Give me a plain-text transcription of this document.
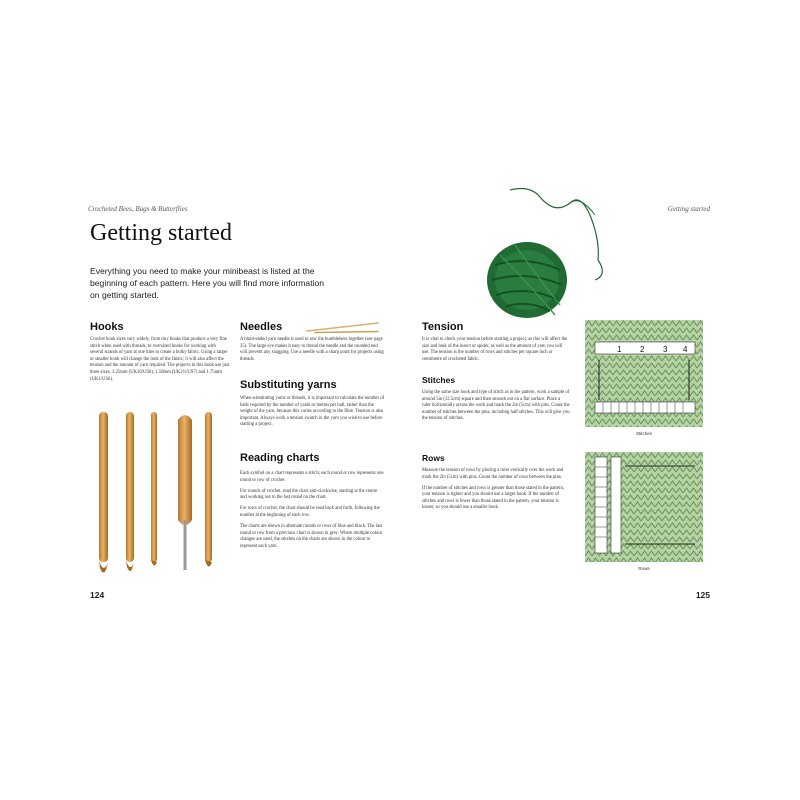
Crocheted Bees, Bugs & Butterflies
Getting started
Everything you need to make your minibeast is listed at the beginning of each pattern. Here you will find more information on getting started.
Hooks
Crochet hook sizes vary widely, from tiny hooks that produce a very fine stitch when used with threads, to oversized hooks for working with several strands of yarn at one time to create a bulky fabric. Using a larger or smaller hook will change the look of the fabric; it will also affect the tension and the amount of yarn required. The projects in this book use just three sizes, 3.25mm (UK10/US0), 1.50mm (UK2½/US7) and 1.75mm (UK1/US6).
Needles
A blunt-ended yarn needle is used to sew the bumblebees together (see page 35). The large eye makes it easy to thread the needle and the rounded end will prevent any snagging. Use a needle with a sharp point for projects using threads.
Substituting yarns
When substituting yarns or threads, it is important to calculate the number of balls required by the number of yards or metres per ball, rather than the weight of the yarn, because this varies according to the fibre. Tension is also important. Always work a tension swatch in the yarn you wish to use before starting a project.
Reading charts

Each symbol on a chart represents a stitch; each round or row represents one round or row of crochet.

For rounds of crochet, read the chart anti-clockwise, starting at the centre and working out to the last round on the chart.

For rows of crochet, the chart should be read back and forth, following the number at the beginning of each row.

The charts are shown in alternate rounds or rows of blue and black. The last round or row from a previous chart is shown in grey. Where multiple colour changes are used, the stitches on the charts are shown in the colour to represent each yarn.

124
Getting started
Tension
It is vital to check your tension before starting a project, as this will affect the size and look of the insect or spider, as well as the amount of yarn you will use. The tension is the number of rows and stitches per square inch or centimetre of crocheted fabric.
Stitches
Using the same size hook and type of stitch as in the pattern, work a sample of around 5in (12.5cm) square and then smooth out on a flat surface. Place a ruler horizontally across the work and mark the 2in (5cm) with pins. Count the number of stitches between the pins, including half stitches. This will give you the tension of stitches.
Rows

Measure the tension of rows by placing a ruler vertically over the work and mark the 2in (5cm) with pins. Count the number of rows between the pins.

If the number of stitches and rows is greater than those stated in the pattern, your tension is tighter and you should use a larger hook. If the number of stitches and rows is fewer than those stated in the pattern, your tension is looser, so you should use a smaller hook.

1 2 3 4
Stitches
Rows
125
